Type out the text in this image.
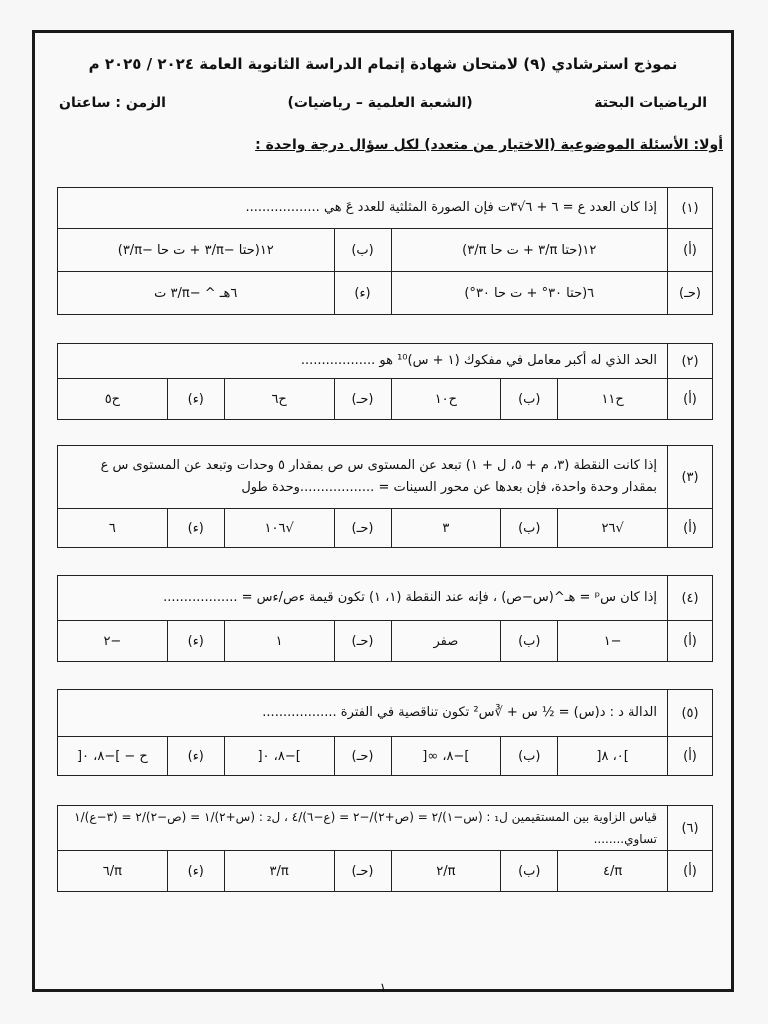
نموذج استرشادي (٩) لامتحان شهادة إتمام الدراسة الثانوية العامة ٢٠٢٤ / ٢٠٢٥ م
الرياضيات البحتة
(الشعبة العلمية – رياضيات)
الزمن : ساعتان
أولا: الأسئلة الموضوعية (الاختيار من متعدد) لكل سؤال درجة واحدة :
(١)
إذا كان العدد ع = ٦ + ٦√٣ت فإن الصورة المثلثية للعدد عَ هي ..................
(أ)
١٢(حتا π/٣ + ت حا π/٣)
(ب)
١٢(حتا −π/٣ + ت حا −π/٣)
(حـ)
٦(حتا ٣٠° + ت حا ٣٠°)
(ء)
٦هـ ^ −π/٣ ت
(٢)
الحد الذي له أكبر معامل في مفكوك (١ + س)¹⁰ هو ..................
(أ)
ح١١
(ب)
ح١٠
(حـ)
ح٦
(ء)
ح٥
(٣)
إذا كانت النقطة (٣، م + ٥، ل + ١) تبعد عن المستوى س ص بمقدار ٥ وحدات وتبعد عن المستوى س ع
بمقدار وحدة واحدة، فإن بعدها عن محور السينات = ..................وحدة طول
(أ)
√٢٦
(ب)
٣
(حـ)
√١٠٦
(ء)
٦
(٤)
إذا كان سᵖ = هـ^(س−ص) ، فإنه عند النقطة (١، ١) تكون قيمة ءص/ءس = ..................
(أ)
−١
(ب)
صفر
(حـ)
١
(ء)
−٢
(٥)
الدالة د : د(س) = ½ س + ∛س² تكون تناقصية في الفترة ..................
(أ)
]٠، ٨[
(ب)
]−٨، ∞[
(حـ)
]−٨، ٠[
(ء)
ح − ]−٨، ٠[
(٦)
قياس الزاوية بين المستقيمين ل₁ : (س−١)/٢ = (ص+٢)/−٢ = (ع−٦)/٤ ، ل₂ : (س+٢)/١ = (ص−٢)/٢ = (٣−ع)/١ تساوي........
(أ)
π/٤
(ب)
π/٢
(حـ)
π/٣
(ء)
π/٦
١
